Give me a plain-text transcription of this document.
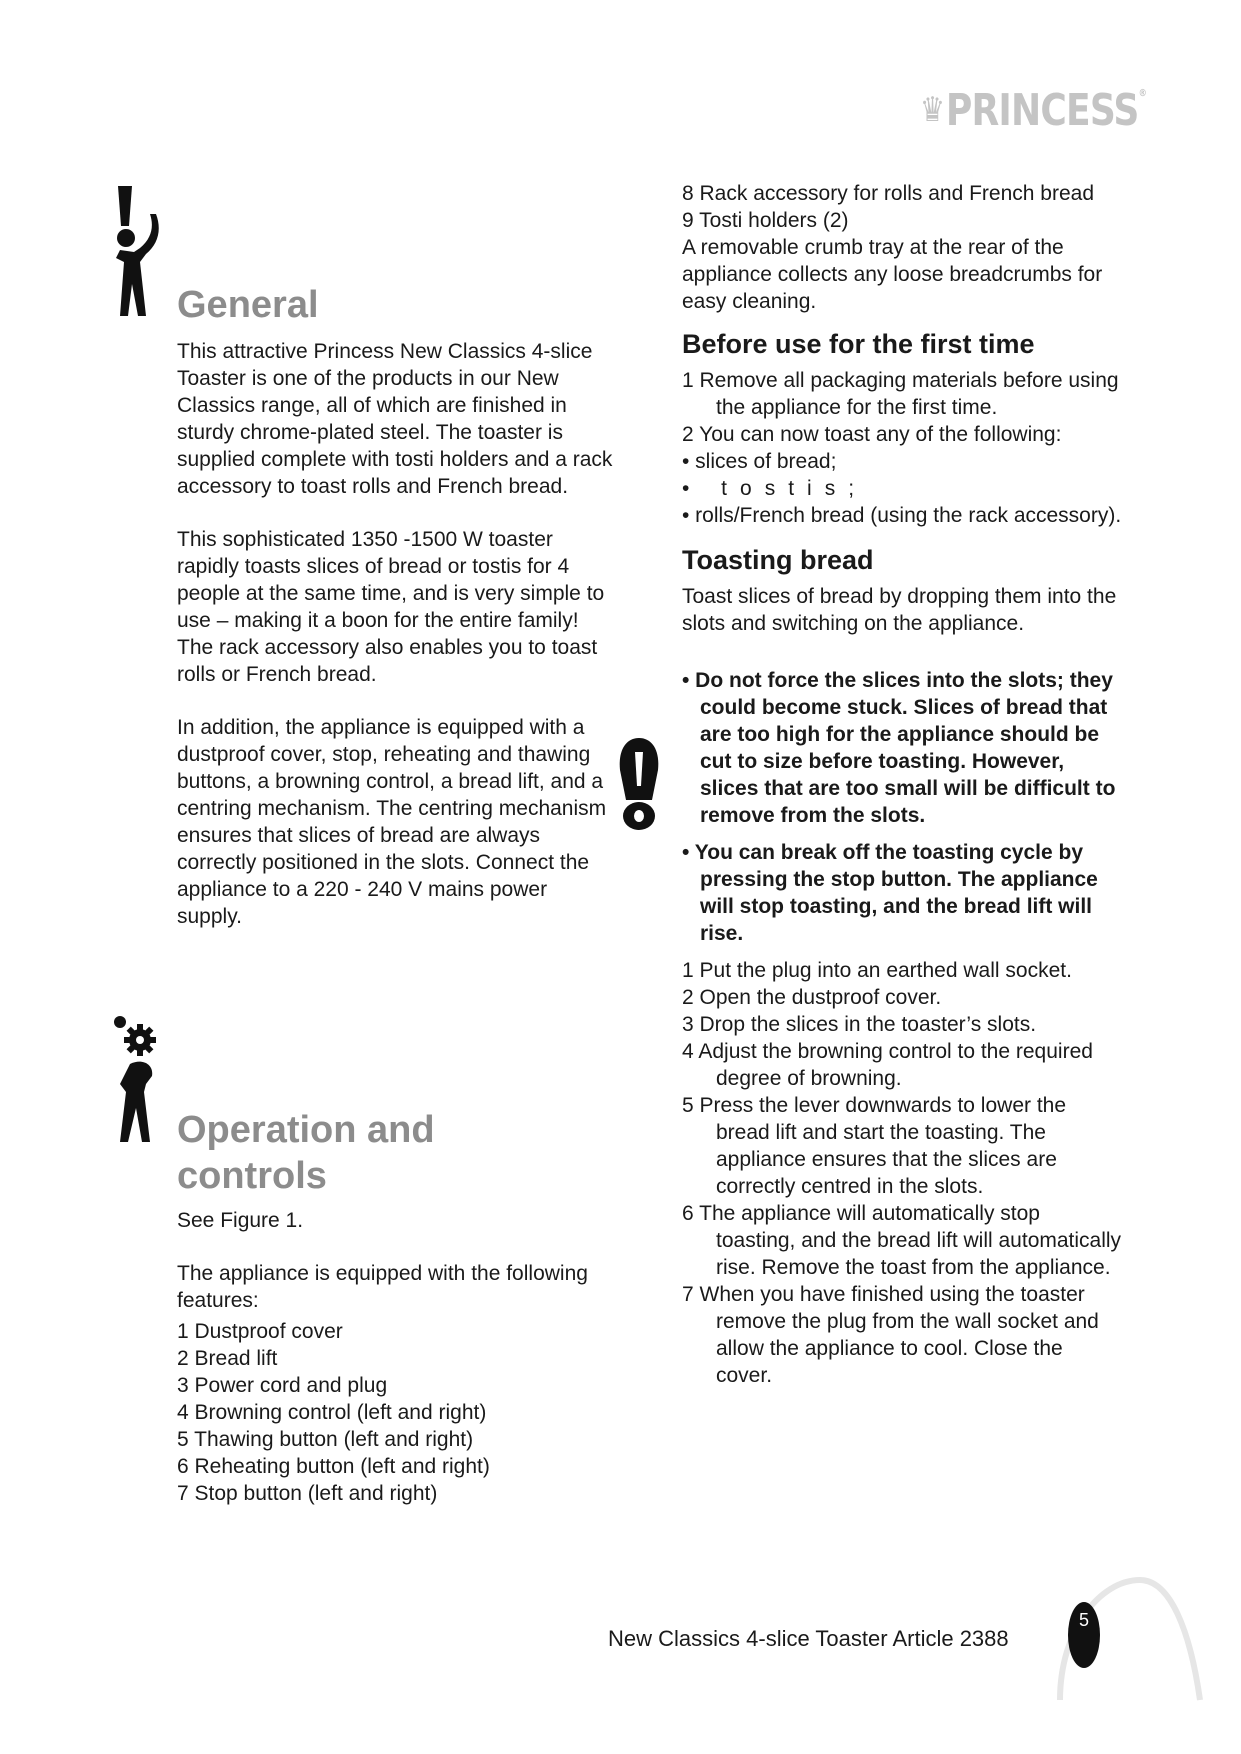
♛ PRINCESS ®
General

This attractive Princess New Classics 4-slice Toaster is one of the products in our New Classics range, all of which are finished in sturdy chrome-plated steel. The toaster is supplied complete with tosti holders and a rack accessory to toast rolls and French bread.

This sophisticated 1350 -1500 W toaster rapidly toasts slices of bread or tostis for 4 people at the same time, and is very simple to use – making it a boon for the entire family! The rack accessory also enables you to toast rolls or French bread.

In addition, the appliance is equipped with a dustproof cover, stop, reheating and thawing buttons, a browning control, a bread lift, and a centring mechanism. The centring mechanism ensures that slices of bread are always correctly positioned in the slots. Connect the appliance to a 220 - 240 V mains power supply.

Operation and
controls

See Figure 1.

The appliance is equipped with the following features:

1 Dustproof cover
2 Bread lift
3 Power cord and plug
4 Browning control (left and right)
5 Thawing button (left and right)
6 Reheating button (left and right)
7 Stop button (left and right)
8 Rack accessory for rolls and French bread
9 Tosti holders (2)

A removable crumb tray at the rear of the appliance collects any loose breadcrumbs for easy cleaning.

Before use for the first time
1 Remove all packaging materials before using the appliance for the first time.
2 You can now toast any of the following:
• slices of bread;
• tostis;
• rolls/French bread (using the rack accessory).
Toasting bread

Toast slices of bread by dropping them into the slots and switching on the appliance.

• Do not force the slices into the slots; they could become stuck. Slices of bread that are too high for the appliance should be cut to size before toasting. However, slices that are too small will be difficult to remove from the slots.

• You can break off the toasting cycle by pressing the stop button. The appliance will stop toasting, and the bread lift will rise.

1 Put the plug into an earthed wall socket.
2 Open the dustproof cover.
3 Drop the slices in the toaster’s slots.
4 Adjust the browning control to the required degree of browning.
5 Press the lever downwards to lower the bread lift and start the toasting. The appliance ensures that the slices are correctly centred in the slots.
6 The appliance will automatically stop toasting, and the bread lift will automatically rise. Remove the toast from the appliance.
7 When you have finished using the toaster remove the plug from the wall socket and allow the appliance to cool. Close the cover.
New Classics 4-slice Toaster Article 2388
5
